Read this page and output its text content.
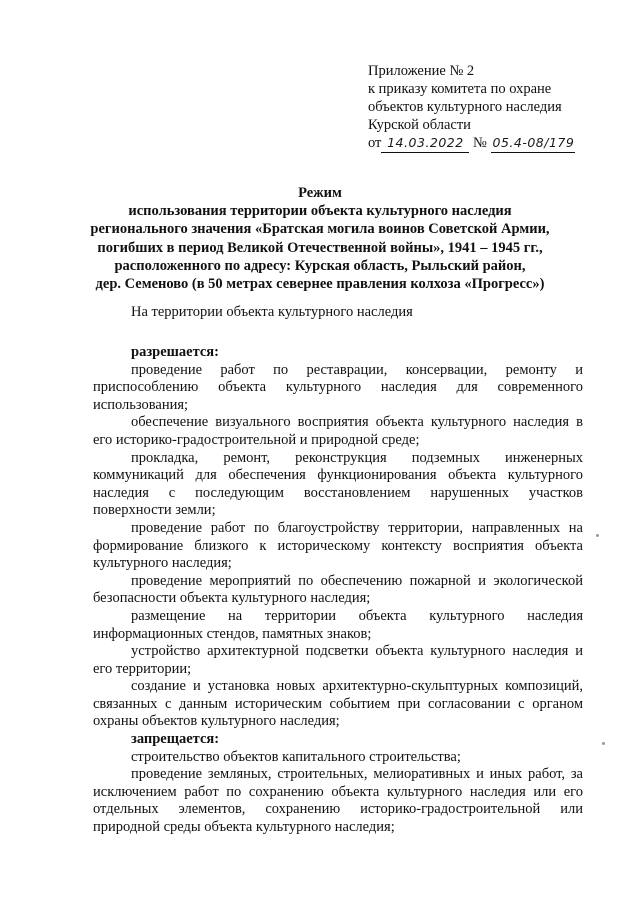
Приложение № 2
к приказу комитета по охране
объектов культурного наследия
Курской области
от 14.03.2022 № 05.4-08/179
Режим
использования территории объекта культурного наследия
регионального значения «Братская могила воинов Советской Армии,
погибших в период Великой Отечественной войны», 1941 – 1945 гг.,
расположенного по адресу: Курская область, Рыльский район,
дер. Семеново (в 50 метрах севернее правления колхоза «Прогресс»)
На территории объекта культурного наследия
разрешается:

проведение работ по реставрации, консервации, ремонту и приспособлению объекта культурного наследия для современного использования;

обеспечение визуального восприятия объекта культурного наследия в его историко-градостроительной и природной среде;

прокладка, ремонт, реконструкция подземных инженерных коммуникаций для обеспечения функционирования объекта культурного наследия с последующим восстановлением нарушенных участков поверхности земли;

проведение работ по благоустройству территории, направленных на формирование близкого к историческому контексту восприятия объекта культурного наследия;

проведение мероприятий по обеспечению пожарной и экологической безопасности объекта культурного наследия;

размещение на территории объекта культурного наследия информационных стендов, памятных знаков;

устройство архитектурной подсветки объекта культурного наследия и его территории;

создание и установка новых архитектурно-скульптурных композиций, связанных с данным историческим событием при согласовании с органом охраны объектов культурного наследия;

запрещается:

строительство объектов капитального строительства;

проведение земляных, строительных, мелиоративных и иных работ, за исключением работ по сохранению объекта культурного наследия или его отдельных элементов, сохранению историко-градостроительной или природной среды объекта культурного наследия;
